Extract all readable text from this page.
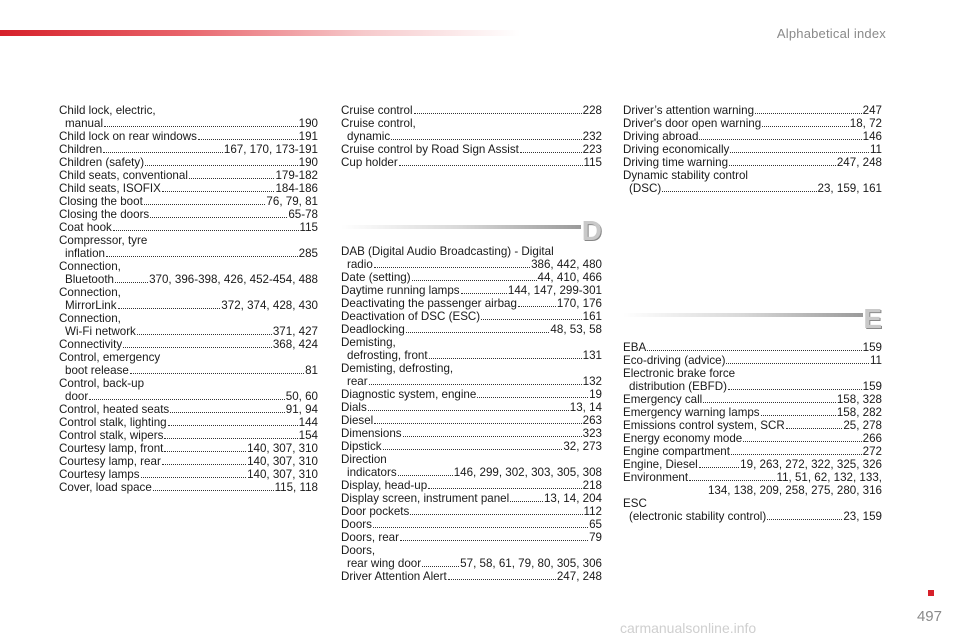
Alphabetical index
Child lock, electric,
manual	190
Child lock on rear windows	191
Children	167, 170, 173-191
Children (safety)	190
Child seats, conventional	179-182
Child seats, ISOFIX	184-186
Closing the boot	76, 79, 81
Closing the doors	65-78
Coat hook	115
Compressor, tyre
inflation	285
Connection,
Bluetooth	370, 396-398, 426, 452-454, 488
Connection,
MirrorLink	372, 374, 428, 430
Connection,
Wi-Fi network	371, 427
Connectivity	368, 424
Control, emergency
boot release	81
Control, back-up
door	50, 60
Control, heated seats	91, 94
Control stalk, lighting	144
Control stalk, wipers	154
Courtesy lamp, front	140, 307, 310
Courtesy lamp, rear	140, 307, 310
Courtesy lamps	140, 307, 310
Cover, load space	115, 118
Cruise control	228
Cruise control,
dynamic	232
Cruise control by Road Sign Assist	223
Cup holder	115
D
DAB (Digital Audio Broadcasting) - Digital
radio	386, 442, 480
Date (setting)	44, 410, 466
Daytime running lamps	144, 147, 299-301
Deactivating the passenger airbag	170, 176
Deactivation of DSC (ESC)	161
Deadlocking	48, 53, 58
Demisting,
defrosting, front	131
Demisting, defrosting,
rear	132
Diagnostic system, engine	19
Dials	13, 14
Diesel	263
Dimensions	323
Dipstick	32, 273
Direction
indicators	146, 299, 302, 303, 305, 308
Display, head-up	218
Display screen, instrument panel	13, 14, 204
Door pockets	112
Doors	65
Doors, rear	79
Doors,
rear wing door	57, 58, 61, 79, 80, 305, 306
Driver Attention Alert	247, 248
Driver’s attention warning	247
Driver's door open warning	18, 72
Driving abroad	146
Driving economically	11
Driving time warning	247, 248
Dynamic stability control
(DSC)	23, 159, 161
E
EBA	159
Eco-driving (advice)	11
Electronic brake force
distribution (EBFD)	159
Emergency call	158, 328
Emergency warning lamps	158, 282
Emissions control system, SCR	25, 278
Energy economy mode	266
Engine compartment	272
Engine, Diesel	19, 263, 272, 322, 325, 326
Environment	11, 51, 62, 132, 133,
134, 138, 209, 258, 275, 280, 316
ESC
(electronic stability control)	23, 159
497
carmanualsonline.info
